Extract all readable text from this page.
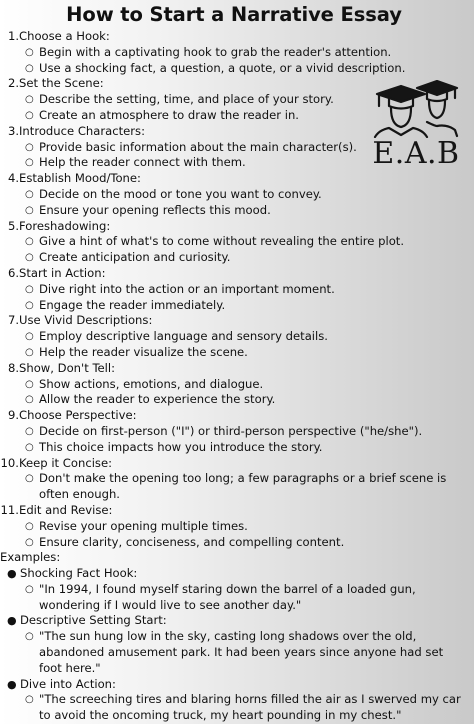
How to Start a Narrative Essay
1.Choose a Hook:
○ Begin with a captivating hook to grab the reader's attention.
○ Use a shocking fact, a question, a quote, or a vivid description.
2.Set the Scene:
○ Describe the setting, time, and place of your story.
○ Create an atmosphere to draw the reader in.
3.Introduce Characters:
○ Provide basic information about the main character(s).
○ Help the reader connect with them.
4.Establish Mood/Tone:
○ Decide on the mood or tone you want to convey.
○ Ensure your opening reflects this mood.
5.Foreshadowing:
○ Give a hint of what's to come without revealing the entire plot.
○ Create anticipation and curiosity.
6.Start in Action:
○ Dive right into the action or an important moment.
○ Engage the reader immediately.
7.Use Vivid Descriptions:
○ Employ descriptive language and sensory details.
○ Help the reader visualize the scene.
8.Show, Don't Tell:
○ Show actions, emotions, and dialogue.
○ Allow the reader to experience the story.
9.Choose Perspective:
○ Decide on first-person ("I") or third-person perspective ("he/she").
○ This choice impacts how you introduce the story.
10.Keep it Concise:
○ Don't make the opening too long; a few paragraphs or a brief scene is often enough.
11.Edit and Revise:
○ Revise your opening multiple times.
○ Ensure clarity, conciseness, and compelling content.
Examples:
● Shocking Fact Hook:
○ "In 1994, I found myself staring down the barrel of a loaded gun, wondering if I would live to see another day."
● Descriptive Setting Start:
○ "The sun hung low in the sky, casting long shadows over the old, abandoned amusement park. It had been years since anyone had set foot here."
● Dive into Action:
○ "The screeching tires and blaring horns filled the air as I swerved my car to avoid the oncoming truck, my heart pounding in my chest."
E.A.B
